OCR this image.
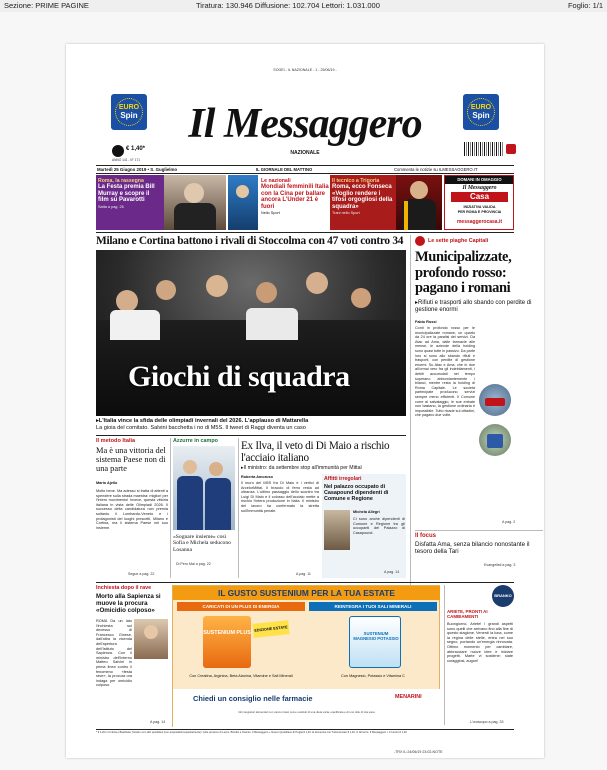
Sezione: PRIME PAGINE	Tiratura: 130.946 Diffusione: 102.704 Lettori: 1.031.000	Foglio: 1/1
SOGEI - IL NAZIONALE - 1 - 25/06/19 -
EURO
Spin
EURO
Spin
Il Messaggero
NAZIONALE
€ 1,40*
ANNO 141 - N° 171
Martedì 25 Giugno 2019 • S. Guglielmo	IL GIORNALE DEL MATTINO	Commenta le notizie su ILMESSAGGERO.IT
Roma, la rassegna
La Festa premia Bill Murray e scopre il film su Pavarotti
Satta a pag. 26
Le nazionali
Mondiali femminili Italia con la Cina per ballare ancora L'Under 21 è fuori
Nello Sport
Il tecnico a Trigoria
Roma, ecco Fonseca «Voglio rendere i tifosi orgogliosi della squadra»
Trani nello Sport
DOMANI IN OMAGGIO
Il Messaggero
Casa
INIZIATIVA VALIDA
PER ROMA E PROVINCIA
messaggerocasa.it
Milano e Cortina battono i rivali di Stoccolma con 47 voti contro 34
Giochi di squadra
▸L'Italia vince la sfida delle olimpiadi invernali del 2026. L'applauso di Mattarella
La gioia del comitato. Salvini bacchetta i no di M5S. Il tweet di Raggi diventa un caso
Le sette piaghe Capitali
Municipalizzate, profondo rosso: pagano i romani
▸Rifiuti e trasporti allo sbando con perdite di gestione enormi
Fabio Rossi
Conti in profondo rosso per le municipalizzate romane, un quarto da 24 ore la paralisi dei servizi. Da Atac ad Ama, dalle farmacie alle mense, le aziende della holding sono quasi tutte in passivo. Da parte loro si sono allo sbando rifiuti e trasporti, con perdite di gestione enormi. Su Atac e Ama, che in due all'ormai vero fra gli indebitamenti, i debiti accumulati nel tempo superano abbondantemente i bilanci, mentre resta la holding di Roma Capitale. Le società partecipate producono servizi sempre meno efficienti. Il Comune corre al salvataggio, le sue entrate non bastano, la gestione ordinaria è impossibile. Tutto ricade sui cittadini, che pagano due volte.
A pag. 2
Il focus
Disfatta Ama, senza bilancio nonostante il tesoro della Tari
Evangelisti a pag. 3
Il metodo Italia
Ma è una vittoria del sistema Paese non di una parte
Mario Ajello
Molto bene. Ma adesso si tratta di attenti a spendere sulla strada maestra: migliori per l'intero movimento! Invece, questa vittoria italiana in vista delle Olimpiadi 2026. Il successo della candidatura non premia soltanto il Lombardo-Veneto e i protagonisti dei luoghi prescelti, Milano e Cortina, ma il sistema Paese nel suo insieme.
Segue a pag. 22
Azzurre in campo
«Sognare insieme» così Sofia e Michela seducono Losanna
Di Pero Mai a pag. 22
Ex Ilva, il veto di Di Maio a rischio l'acciaio italiano
▸Il ministro: da settembre stop all'immunità per Mittal
Roberta Amoruso
Il muro del M5S fra Di Maio e i vertici di ArcelorMittal. Il braccio di ferro resta ad oltranza. L'ultimo passaggio dello scontro tra Luigi Di Maio e il colosso dell'acciaio mette a rischio l'intera produzione in Italia. Il ministro del lavoro ha confermato la stretta sull'immunità penale.
A pag. 11
Affitti irregolari
Nel palazzo occupato di Casapound dipendenti di Comune e Regione
Michela Allegri
Ci sono anche dipendenti di Comune e Regione tra gli occupanti del Palazzo di Casapound.
A pag. 14
Inchiesta dopo il rave
Morto alla Sapienza si muove la procura «Omicidio colposo»
ROMA Da un lato l'inchiesta sul decesso di Francesco Ginese, dall'altra la vicenda dell'apertura dell'Istituto del Sapienza. Con il ministro dell'Interno Matteo Salvini in prima linea contro il fenomeno «festa rave», la procura ora indaga per omicidio colposo.
A pag. 14
IL GUSTO SUSTENIUM PER LA TUA ESTATE
CARICATI DI UN PLUS DI ENERGIA	REINTEGRA I TUOI SALI MINERALI
SUSTENIUM PLUS
EDIZIONE ESTATE
SUSTENIUM MAGNESIO POTASSIO
Con Creatina, Arginina, Beta Alanina, Vitamine e Sali Minerali	Con Magnesio, Potassio e Vitamina C
Chiedi un consiglio nelle farmacie	MENARINI
Gli integratori alimentari non vanno intesi come sostituti di una dieta varia, equilibrata e di uno stile di vita sano.
BRANKO
ARIETE, PRONTI AI CAMBIAMENTI
Buongiorno, Ariete! I grandi aspetti sono quelli che arrivano fino alla fine di questo stagione. Venerdì la luna, come la regina delle stelle, entra nel suo segno, portando un'energia rinnovata. Ottimo momento per cambiare, abbracciare nuove idee e iniziare progetti. Marte vi sostiene: siate coraggiosi, auguri!
L'oroscopo a pag. 33
* € 1,20 in Umbria e Basilicata, Tandem con altri quotidiani (non acquistabili separatamente): nelle province di Lecce, Brindisi e Taranto, Il Messaggero + Nuovo Quotidiano di Puglia € 1,20; la domenica con Tuttomercato € 1,40; in Abruzzo, Il Messaggero + Il Centro € 1,20
-TRX IL:24/06/19 23:02-NOTE
